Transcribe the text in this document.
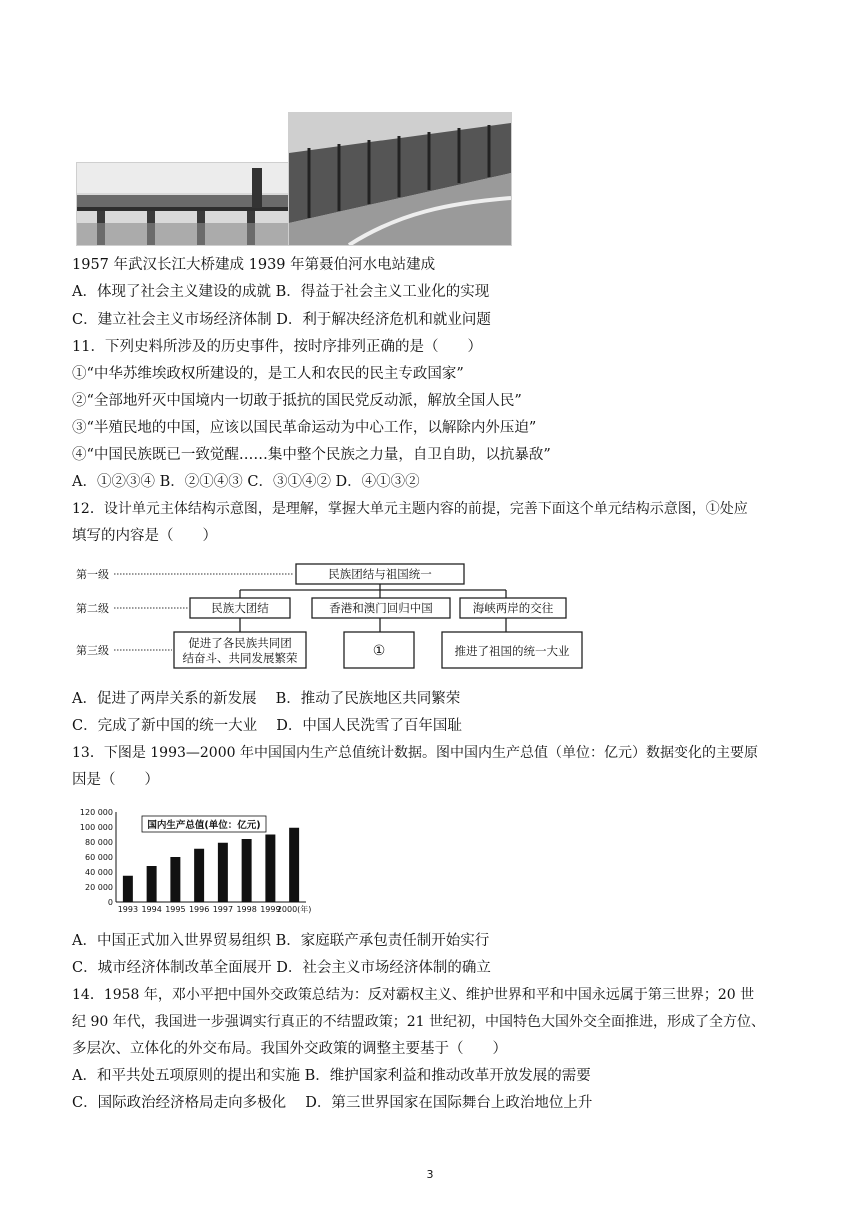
1957 年武汉长江大桥建成 1939 年第聂伯河水电站建成
A．体现了社会主义建设的成就 B．得益于社会主义工业化的实现
C．建立社会主义市场经济体制 D．利于解决经济危机和就业问题
11．下列史料所涉及的历史事件，按时序排列正确的是（　　）
①“中华苏维埃政权所建设的，是工人和农民的民主专政国家”
②“全部地歼灭中国境内一切敢于抵抗的国民党反动派，解放全国人民”
③“半殖民地的中国，应该以国民革命运动为中心工作，以解除内外压迫”
④“中国民族既已一致觉醒……集中整个民族之力量，自卫自助，以抗暴敌”
A．①②③④ B．②①④③ C．③①④② D．④①③②
12．设计单元主体结构示意图，是理解，掌握大单元主题内容的前提，完善下面这个单元结构示意图，①处应
填写的内容是（　　）
第一级
第二级
第三级
民族团结与祖国统一
民族大团结	香港和澳门回归中国	海峡两岸的交往
促进了各民族共同团
结奋斗、共同发展繁荣	①	推进了祖国的统一大业
A．促进了两岸关系的新发展　 B．推动了民族地区共同繁荣
C．完成了新中国的统一大业　 D．中国人民洗雪了百年国耻
13．下图是 1993—2000 年中国国内生产总值统计数据。图中国内生产总值（单位：亿元）数据变化的主要原
因是（　　）
0
20 000
40 000
60 000
80 000
100 000
120 000
1993 1994 1995 1996 1997 1998 1999
2000(年)
国内生产总值(单位：亿元)
A．中国正式加入世界贸易组织 B．家庭联产承包责任制开始实行
C．城市经济体制改革全面展开 D．社会主义市场经济体制的确立
14．1958 年，邓小平把中国外交政策总结为：反对霸权主义、维护世界和平和中国永远属于第三世界；20 世
纪 90 年代，我国进一步强调实行真正的不结盟政策；21 世纪初，中国特色大国外交全面推进，形成了全方位、
多层次、立体化的外交布局。我国外交政策的调整主要基于（　　）
A．和平共处五项原则的提出和实施 B．维护国家利益和推动改革开放发展的需要
C．国际政治经济格局走向多极化　 D．第三世界国家在国际舞台上政治地位上升
3
